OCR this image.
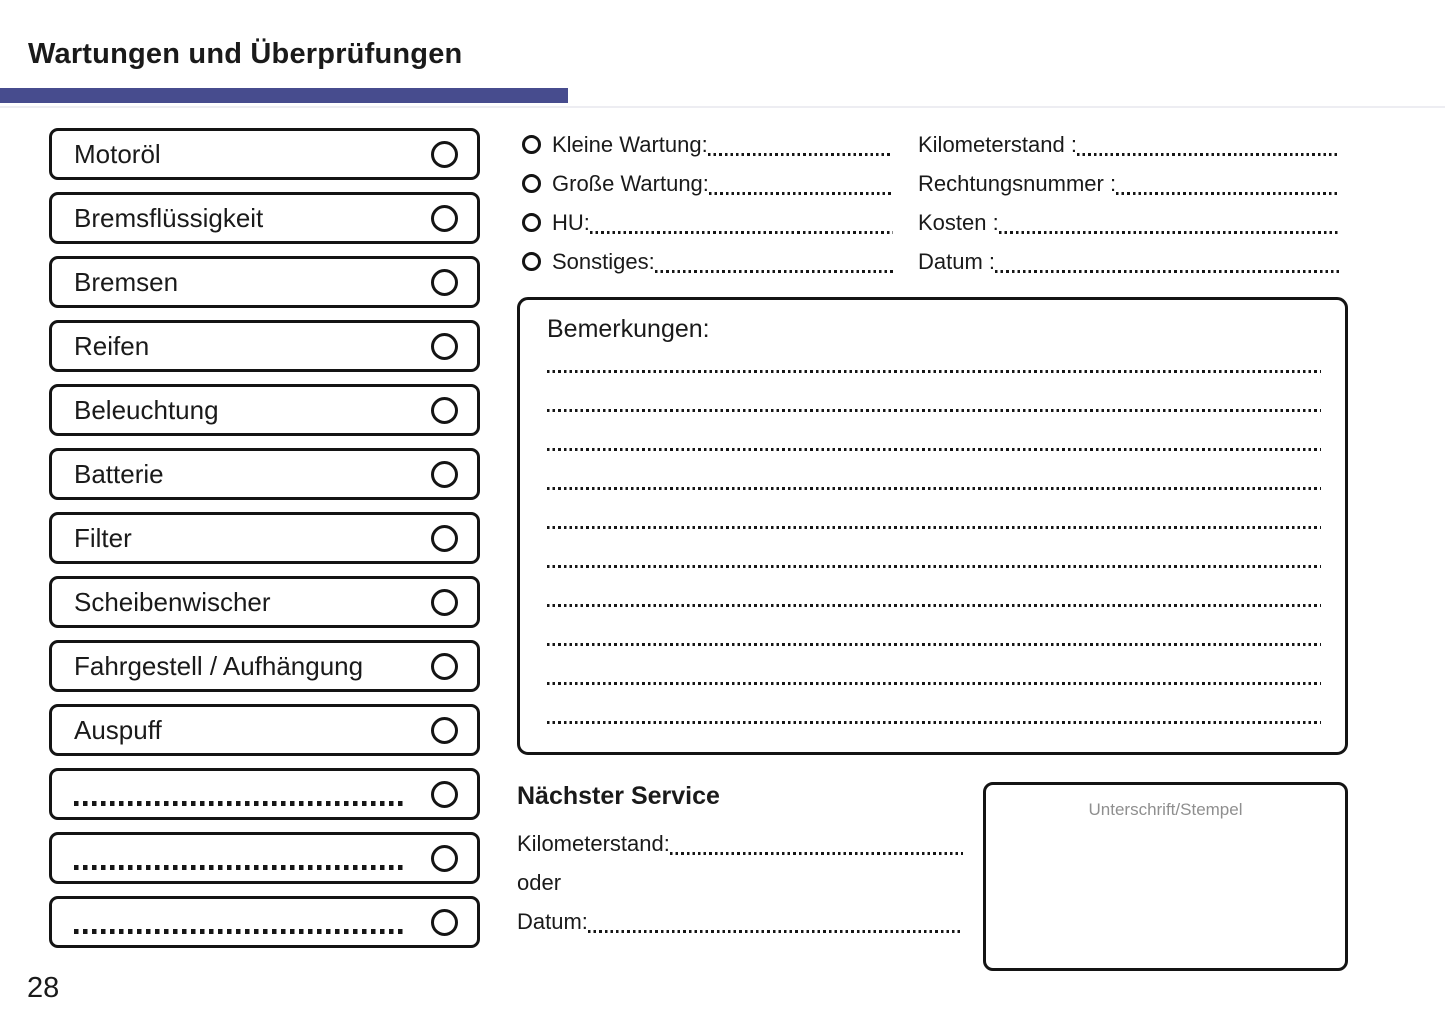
Wartungen und Überprüfungen
Motoröl
Bremsflüssigkeit
Bremsen
Reifen
Beleuchtung
Batterie
Filter
Scheibenwischer
Fahrgestell / Aufhängung
Auspuff
Kleine Wartung:
Große Wartung:
HU:
Sonstiges:
Kilometerstand :
Rechtungsnummer :
Kosten :
Datum :
Bemerkungen:
Nächster Service
Kilometerstand:
oder
Datum:
Unterschrift/Stempel
28
